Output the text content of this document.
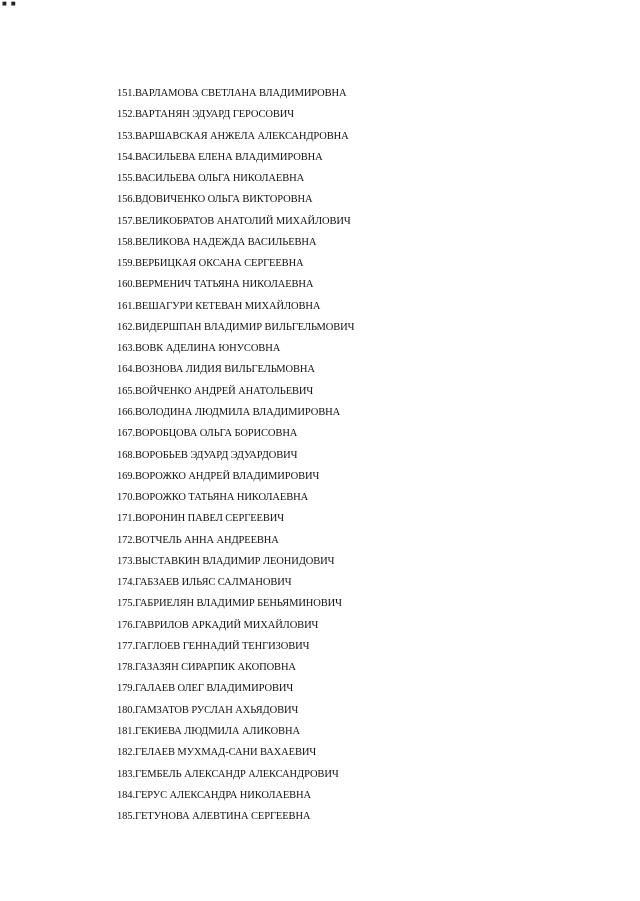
■ ■
151.ВАРЛАМОВА СВЕТЛАНА ВЛАДИМИРОВНА
152.ВАРТАНЯН ЭДУАРД ГЕРОСОВИЧ
153.ВАРШАВСКАЯ АНЖЕЛА АЛЕКСАНДРОВНА
154.ВАСИЛЬЕВА ЕЛЕНА ВЛАДИМИРОВНА
155.ВАСИЛЬЕВА ОЛЬГА НИКОЛАЕВНА
156.ВДОВИЧЕНКО ОЛЬГА ВИКТОРОВНА
157.ВЕЛИКОБРАТОВ АНАТОЛИЙ МИХАЙЛОВИЧ
158.ВЕЛИКОВА НАДЕЖДА ВАСИЛЬЕВНА
159.ВЕРБИЦКАЯ ОКСАНА СЕРГЕЕВНА
160.ВЕРМЕНИЧ ТАТЬЯНА НИКОЛАЕВНА
161.ВЕШАГУРИ КЕТЕВАН МИХАЙЛОВНА
162.ВИДЕРШПАН ВЛАДИМИР ВИЛЬГЕЛЬМОВИЧ
163.ВОВК АДЕЛИНА ЮНУСОВНА
164.ВОЗНОВА ЛИДИЯ ВИЛЬГЕЛЬМОВНА
165.ВОЙЧЕНКО АНДРЕЙ АНАТОЛЬЕВИЧ
166.ВОЛОДИНА ЛЮДМИЛА ВЛАДИМИРОВНА
167.ВОРОБЦОВА ОЛЬГА БОРИСОВНА
168.ВОРОБЬЕВ ЭДУАРД ЭДУАРДОВИЧ
169.ВОРОЖКО АНДРЕЙ ВЛАДИМИРОВИЧ
170.ВОРОЖКО ТАТЬЯНА НИКОЛАЕВНА
171.ВОРОНИН ПАВЕЛ СЕРГЕЕВИЧ
172.ВОТЧЕЛЬ АННА АНДРЕЕВНА
173.ВЫСТАВКИН ВЛАДИМИР ЛЕОНИДОВИЧ
174.ГАБЗАЕВ ИЛЬЯС САЛМАНОВИЧ
175.ГАБРИЕЛЯН ВЛАДИМИР БЕНЬЯМИНОВИЧ
176.ГАВРИЛОВ АРКАДИЙ МИХАЙЛОВИЧ
177.ГАГЛОЕВ ГЕННАДИЙ ТЕНГИЗОВИЧ
178.ГАЗАЗЯН СИРАРПИК АКОПОВНА
179.ГАЛАЕВ ОЛЕГ ВЛАДИМИРОВИЧ
180.ГАМЗАТОВ РУСЛАН АХЬЯДОВИЧ
181.ГЕКИЕВА ЛЮДМИЛА АЛИКОВНА
182.ГЕЛАЕВ МУХМАД-САНИ ВАХАЕВИЧ
183.ГЕМБЕЛЬ АЛЕКСАНДР АЛЕКСАНДРОВИЧ
184.ГЕРУС АЛЕКСАНДРА НИКОЛАЕВНА
185.ГЕТУНОВА АЛЕВТИНА СЕРГЕЕВНА
